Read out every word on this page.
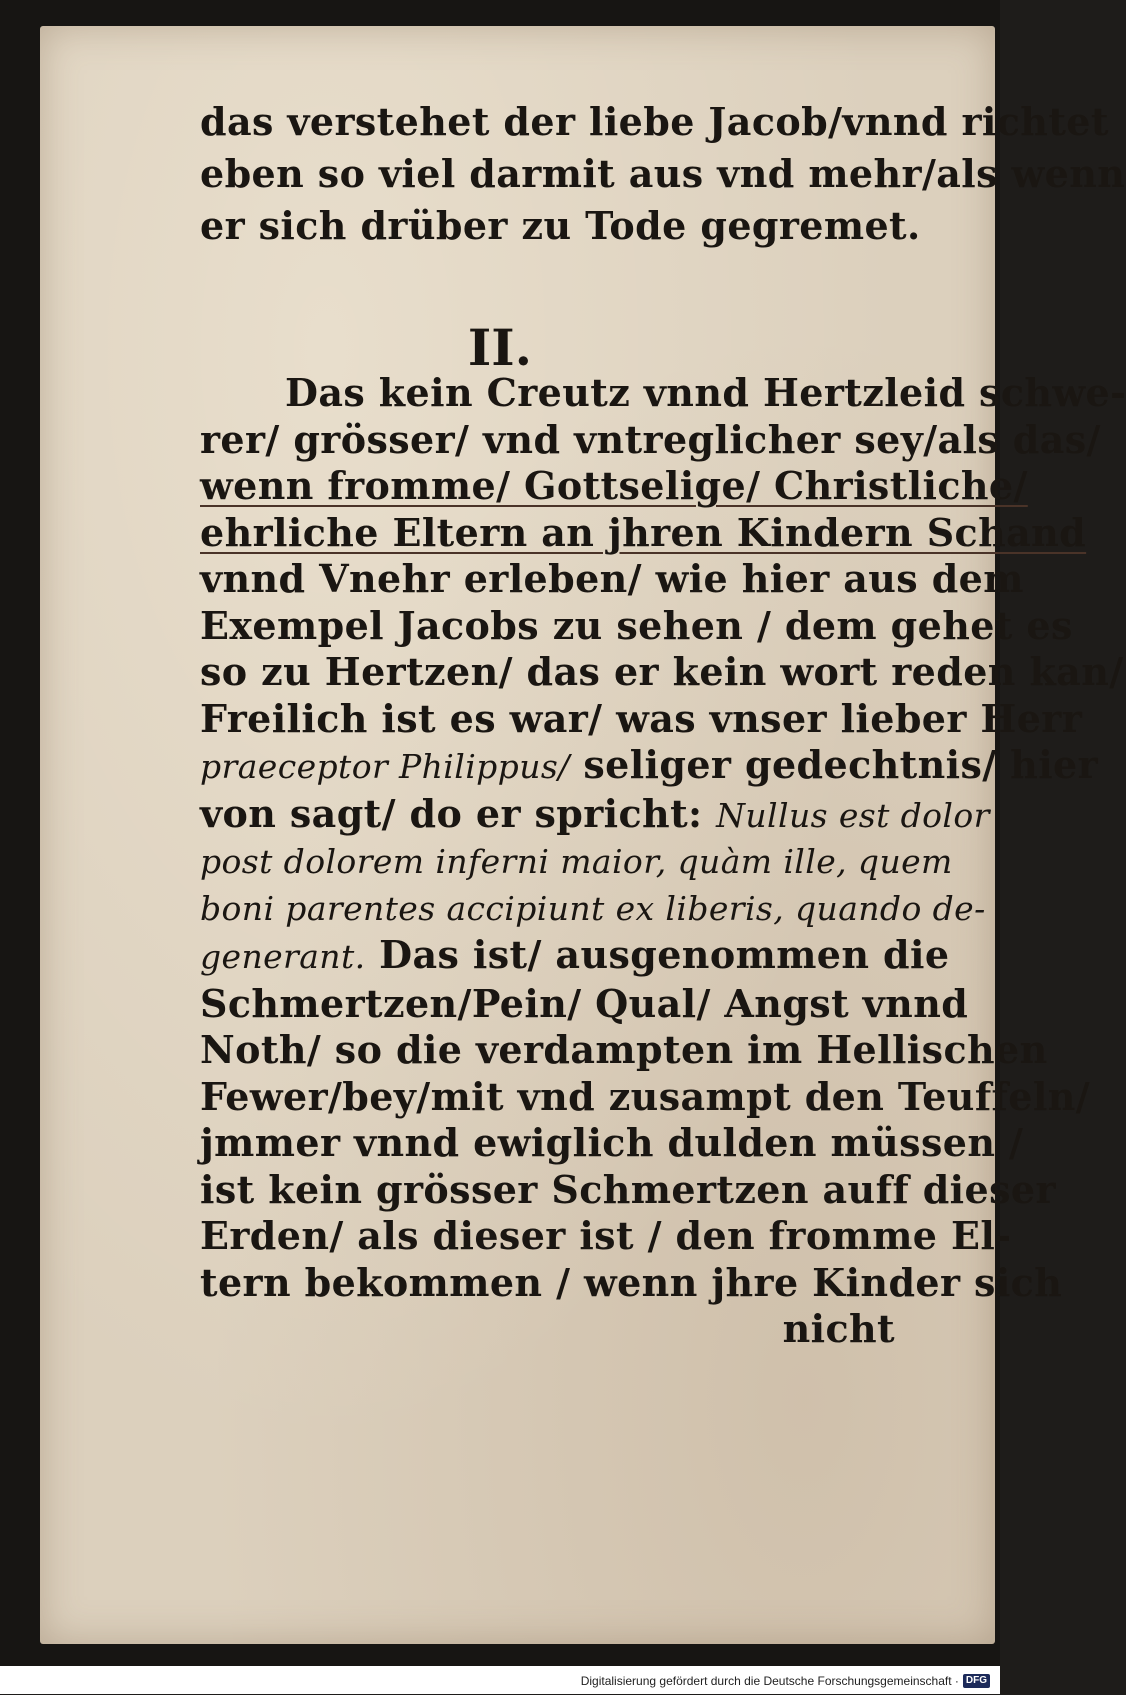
das verstehet der liebe Jacob/vnnd richtet
eben so viel darmit aus vnd mehr/als wenn
er sich drüber zu Tode gegremet.
II.
Das kein Creutz vnnd Hertzleid schwe-
rer/ grösser/ vnd vntreglicher sey/als das/
wenn fromme/ Gottselige/ Christliche/
ehrliche Eltern an jhren Kindern Schand
vnnd Vnehr erleben/ wie hier aus dem
Exempel Jacobs zu sehen / dem gehet es
so zu Hertzen/ das er kein wort reden kan/
Freilich ist es war/ was vnser lieber Herr
praeceptor Philippus/ seliger gedechtnis/ hier
von sagt/ do er spricht: Nullus est dolor
post dolorem inferni maior, quàm ille, quem
boni parentes accipiunt ex liberis, quando de-
generant. Das ist/ ausgenommen die
Schmertzen/Pein/ Qual/ Angst vnnd
Noth/ so die verdampten im Hellischen
Fewer/bey/mit vnd zusampt den Teuffeln/
jmmer vnnd ewiglich dulden müssen /
ist kein grösser Schmertzen auff dieser
Erden/ als dieser ist / den fromme El-
tern bekommen / wenn jhre Kinder sich
nicht
Digitalisierung gefördert durch die Deutsche Forschungsgemeinschaft · DFG
